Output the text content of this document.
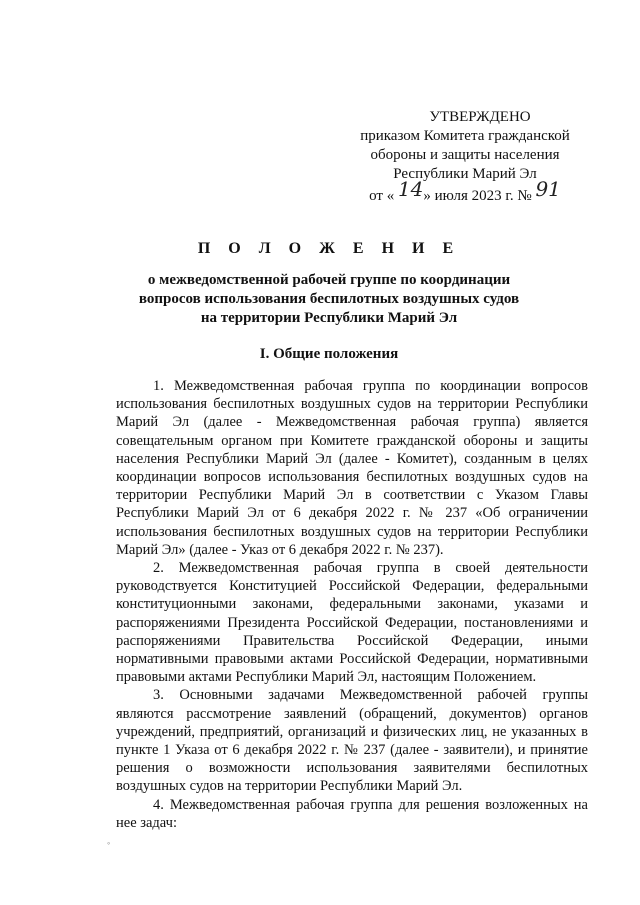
УТВЕРЖДЕНО
приказом Комитета гражданской
обороны и защиты населения
Республики Марий Эл
от « 14» июля 2023 г. № 91
П О Л О Ж Е Н И Е
о межведомственной рабочей группе по координации
вопросов использования беспилотных воздушных судов
на территории Республики Марий Эл
I. Общие положения

1. Межведомственная рабочая группа по координации вопросов использования беспилотных воздушных судов на территории Республики Марий Эл (далее - Межведомственная рабочая группа) является совещательным органом при Комитете гражданской обороны и защиты населения Республики Марий Эл (далее - Комитет), созданным в целях координации вопросов использования беспилотных воздушных судов на территории Республики Марий Эл в соответствии с Указом Главы Республики Марий Эл от 6 декабря 2022 г. № 237 «Об ограничении использования беспилотных воздушных судов на территории Республики Марий Эл» (далее - Указ от 6 декабря 2022 г. № 237).

2. Межведомственная рабочая группа в своей деятельности руководствуется Конституцией Российской Федерации, федеральными конституционными законами, федеральными законами, указами и распоряжениями Президента Российской Федерации, постановлениями и распоряжениями Правительства Российской Федерации, иными нормативными правовыми актами Российской Федерации, нормативными правовыми актами Республики Марий Эл, настоящим Положением.

3. Основными задачами Межведомственной рабочей группы являются рассмотрение заявлений (обращений, документов) органов учреждений, предприятий, организаций и физических лиц, не указанных в пункте 1 Указа от 6 декабря 2022 г. № 237 (далее - заявители), и принятие решения о возможности использования заявителями беспилотных воздушных судов на территории Республики Марий Эл.

4. Межведомственная рабочая группа для решения возложенных на нее задач:

◦
